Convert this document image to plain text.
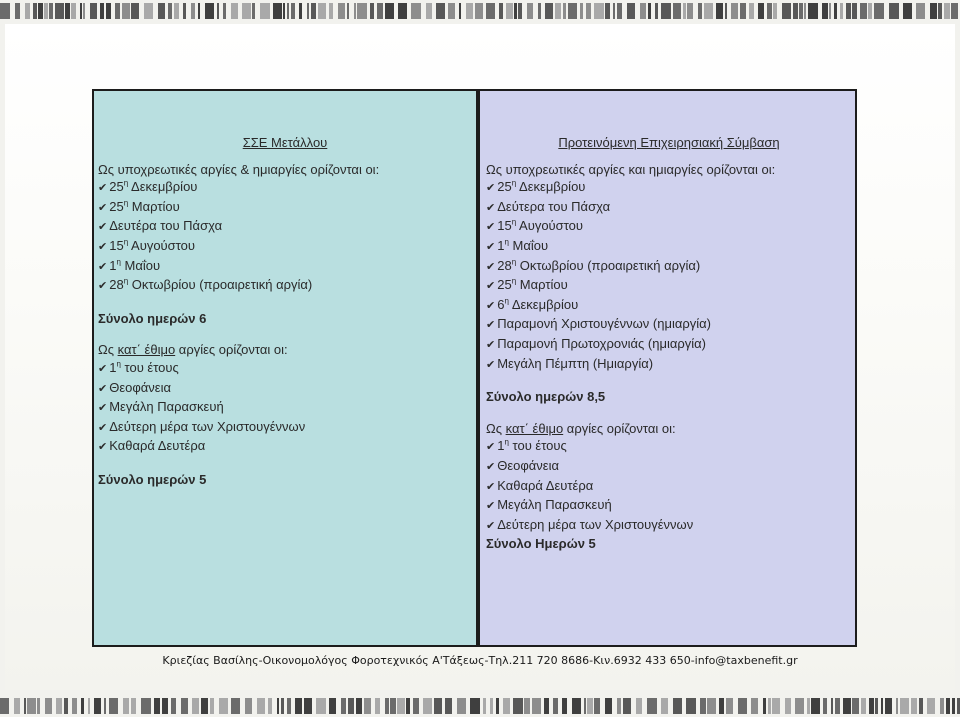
ΣΣΕ Μετάλλου
Ως υποχρεωτικές αργίες & ημιαργίες ορίζονται οι:
✔ $25^\eta$ Δεκεμβρίου
✔ $25^\eta$ Μαρτίου
✔ Δευτέρα του Πάσχα
✔ $15^\eta$ Αυγούστου
✔ $1^\eta$ Μαΐου
✔ $28^\eta$ Οκτωβρίου (προαιρετική αργία)
Σύνολο ημερών 6
Ως κατ΄ έθιμο αργίες ορίζονται οι:
✔ $1^\eta$ του έτους
✔ Θεοφάνεια
✔ Μεγάλη Παρασκευή
✔ Δεύτερη μέρα των Χριστουγέννων
✔ Καθαρά Δευτέρα
Σύνολο ημερών 5
Προτεινόμενη Επιχειρησιακή Σύμβαση
Ως υποχρεωτικές αργίες και ημιαργίες ορίζονται οι:
✔ $25^\eta$ Δεκεμβρίου
✔ Δεύτερα του Πάσχα
✔ $15^\eta$ Αυγούστου
✔ $1^\eta$ Μαΐου
✔ $28^\eta$ Οκτωβρίου (προαιρετική αργία)
✔ $25^\eta$ Μαρτίου
✔ $6^\eta$ Δεκεμβρίου
✔ Παραμονή Χριστουγέννων (ημιαργία)
✔ Παραμονή Πρωτοχρονιάς (ημιαργία)
✔ Μεγάλη Πέμπτη (Ημιαργία)
Σύνολο ημερών 8,5
Ως κατ΄ έθιμο αργίες ορίζονται οι:
✔ $1^\eta$ του έτους
✔ Θεοφάνεια
✔ Καθαρά Δευτέρα
✔ Μεγάλη Παρασκευή
✔ Δεύτερη μέρα των Χριστουγέννων
Σύνολο Ημερών 5
Κριεζίας Βασίλης-Οικονομολόγος Φοροτεχνικός Α'Τάξεως-Τηλ.211 720 8686-Κιν.6932 433 650-info@taxbenefit.gr
